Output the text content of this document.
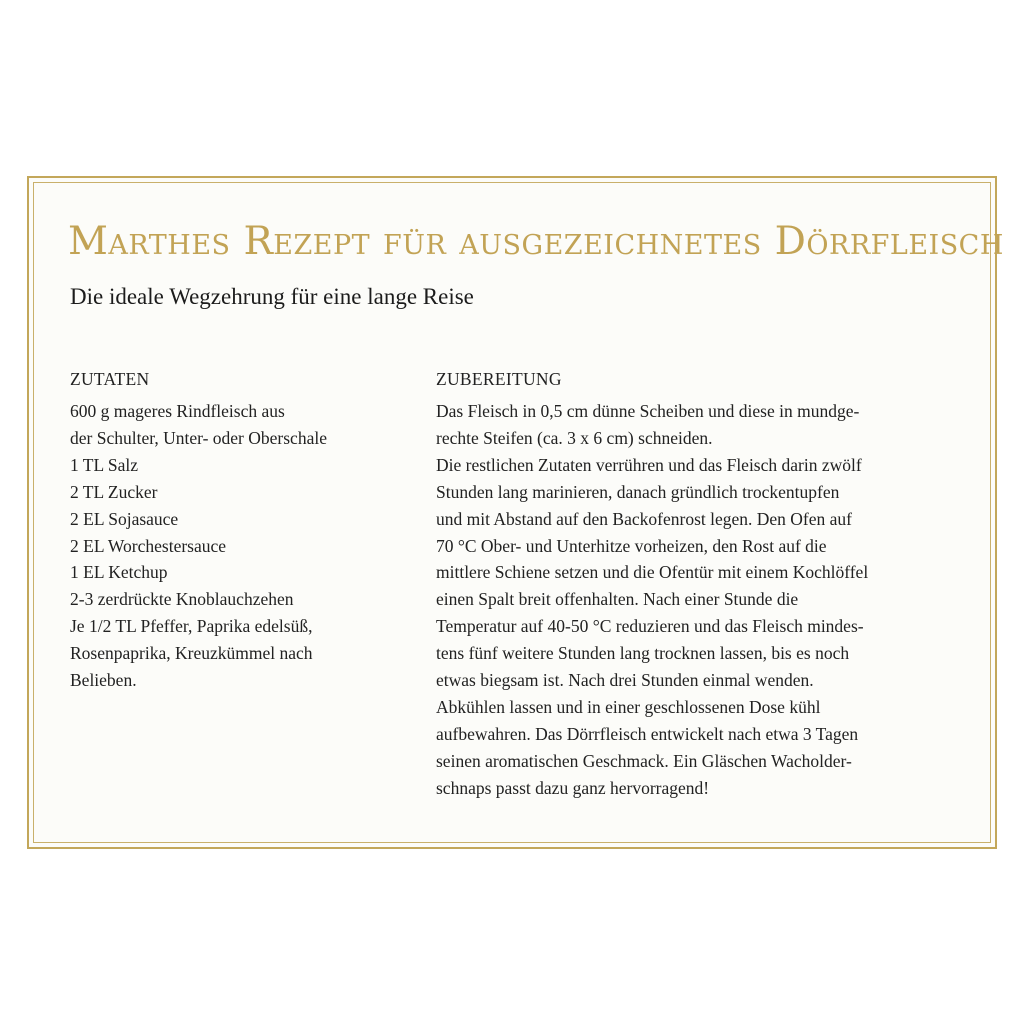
Marthes Rezept für ausgezeichnetes Dörrfleisch

Die ideale Wegzehrung für eine lange Reise

ZUTATEN
600 g mageres Rindfleisch aus
der Schulter, Unter- oder Oberschale
1 TL Salz
2 TL Zucker
2 EL Sojasauce
2 EL Worchestersauce
1 EL Ketchup
2-3 zerdrückte Knoblauchzehen
Je 1/2 TL Pfeffer, Paprika edelsüß,
Rosenpaprika, Kreuzkümmel nach
Belieben.
ZUBEREITUNG
Das Fleisch in 0,5 cm dünne Scheiben und diese in mundge-
rechte Steifen (ca. 3 x 6 cm) schneiden.
Die restlichen Zutaten verrühren und das Fleisch darin zwölf
Stunden lang marinieren, danach gründlich trockentupfen
und mit Abstand auf den Backofenrost legen. Den Ofen auf
70 °C Ober- und Unterhitze vorheizen, den Rost auf die
mittlere Schiene setzen und die Ofentür mit einem Kochlöffel
einen Spalt breit offenhalten. Nach einer Stunde die
Temperatur auf 40-50 °C reduzieren und das Fleisch mindes-
tens fünf weitere Stunden lang trocknen lassen, bis es noch
etwas biegsam ist. Nach drei Stunden einmal wenden.
Abkühlen lassen und in einer geschlossenen Dose kühl
aufbewahren. Das Dörrfleisch entwickelt nach etwa 3 Tagen
seinen aromatischen Geschmack. Ein Gläschen Wacholder-
schnaps passt dazu ganz hervorragend!
